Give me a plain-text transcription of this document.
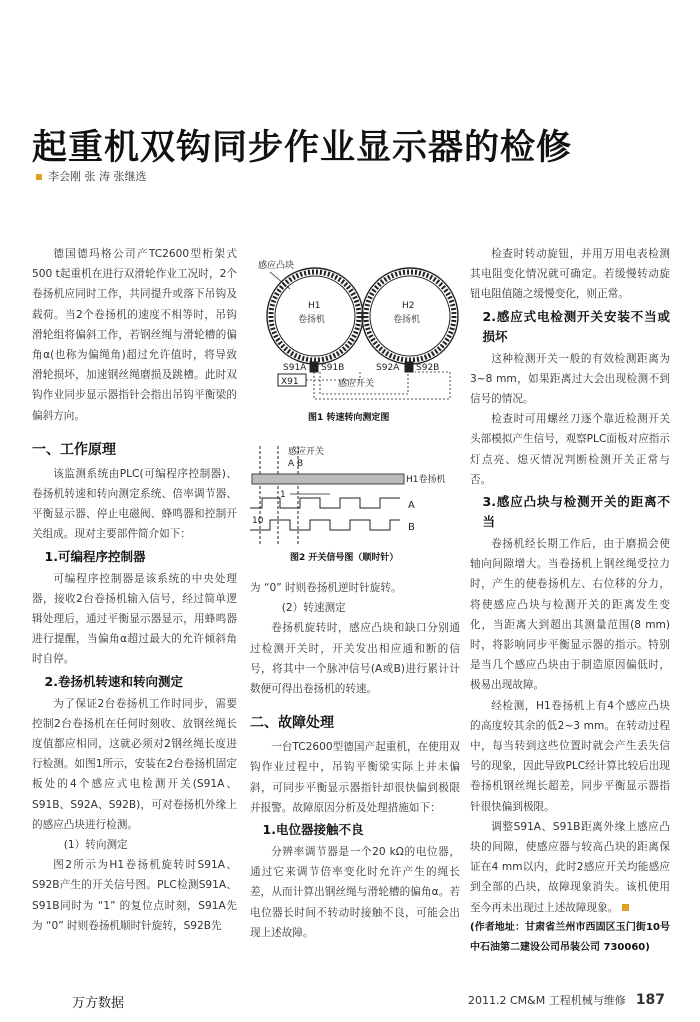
起重机双钩同步作业显示器的检修
李会刚 张 涛 张继选

德国德玛格公司产TC2600型桁架式500 t起重机在进行双滑轮作业工况时，2个卷扬机应同时工作，共同提升或落下吊钩及载荷。当2个卷扬机的速度不相等时，吊钩滑轮组将偏斜工作，若钢丝绳与滑轮槽的偏角α(也称为偏绳角)超过允许值时，将导致滑轮损坏，加速钢丝绳磨损及跳槽。此时双钩作业同步显示器指针会指出吊钩平衡梁的偏斜方向。

一、工作原理

该监测系统由PLC(可编程序控制器)、卷扬机转速和转向测定系统、倍率调节器、平衡显示器、停止电磁阀、蜂鸣器和控制开关组成。现对主要部件简介如下：

1.可编程序控制器

可编程序控制器是该系统的中央处理器，接收2台卷扬机输入信号，经过简单逻辑处理后，通过平衡显示器显示，用蜂鸣器进行提醒，当偏角α超过最大的允许倾斜角时自停。

2.卷扬机转速和转向测定

为了保证2台卷扬机工作时同步，需要控制2台卷扬机在任何时刻收、放钢丝绳长度值都应相同，这就必须对2钢丝绳长度进行检测。如图1所示，安装在2台卷扬机固定板处的4个感应式电检测开关(S91A、S91B、S92A、S92B)，可对卷扬机外缘上的感应凸块进行检测。

(1）转向测定

图2所示为H1卷扬机旋转时S91A、S92B产生的开关信号图。PLC检测S91A、S91B同时为 “1” 的复位点时刻，S91A先为 “0” 时则卷扬机顺时针旋转，S92B先

感应凸块
H1
卷扬机
H2
卷扬机
S91A S91B	S92A S92B
X91	感应开关
图1 转速转向测定图
感应开关
A B
H1卷扬机
1
10
A
B
图2 开关信号图（顺时针）

为 “0” 时则卷扬机逆时针旋转。

(2）转速测定

卷扬机旋转时，感应凸块和缺口分别通过检测开关时，开关发出相应通和断的信号，将其中一个脉冲信号(A或B)进行累计计数便可得出卷扬机的转速。

二、故障处理

一台TC2600型德国产起重机，在使用双钩作业过程中，吊钩平衡梁实际上并未偏斜，可同步平衡显示器指针却很快偏到极限并报警。故障原因分析及处理措施如下：

1.电位器接触不良

分辨率调节器是一个20 kΩ的电位器，通过它来调节倍率变化时允许产生的绳长差，从而计算出钢丝绳与滑轮槽的偏角α。若电位器长时间不转动时接触不良，可能会出现上述故障。

检查时转动旋钮，并用万用电表检测其电阻变化情况就可确定。若缓慢转动旋钮电阻值随之缓慢变化，则正常。

2.感应式电检测开关安装不当或损坏

这种检测开关一般的有效检测距离为3~8 mm，如果距离过大会出现检测不到信号的情况。

检查时可用螺丝刀逐个靠近检测开关头部模拟产生信号，观察PLC面板对应指示灯点亮、熄灭情况判断检测开关正常与否。

3.感应凸块与检测开关的距离不当

卷扬机经长期工作后，由于磨损会使轴向间隙增大。当卷扬机上钢丝绳受拉力时，产生的使卷扬机左、右位移的分力，将使感应凸块与检测开关的距离发生变化，当距离大到超出其测量范围(8 mm)时，将影响同步平衡显示器的指示。特别是当几个感应凸块由于制造原因偏低时，极易出现故障。

经检测，H1卷扬机上有4个感应凸块的高度较其余的低2~3 mm。在转动过程中，每当转到这些位置时就会产生丢失信号的现象，因此导致PLC经计算比较后出现卷扬机钢丝绳长超差，同步平衡显示器指针很快偏到极限。

调整S91A、S91B距离外缘上感应凸块的间隙，使感应器与较高凸块的距离保证在4 mm以内，此时2感应开关均能感应到全部的凸块，故障现象消失。该机使用至今再未出现过上述故障现象。

(作者地址：甘肃省兰州市西固区玉门街10号中石油第二建设公司吊装公司 730060)
万方数据	2011.2 CM&M 工程机械与维修 187
